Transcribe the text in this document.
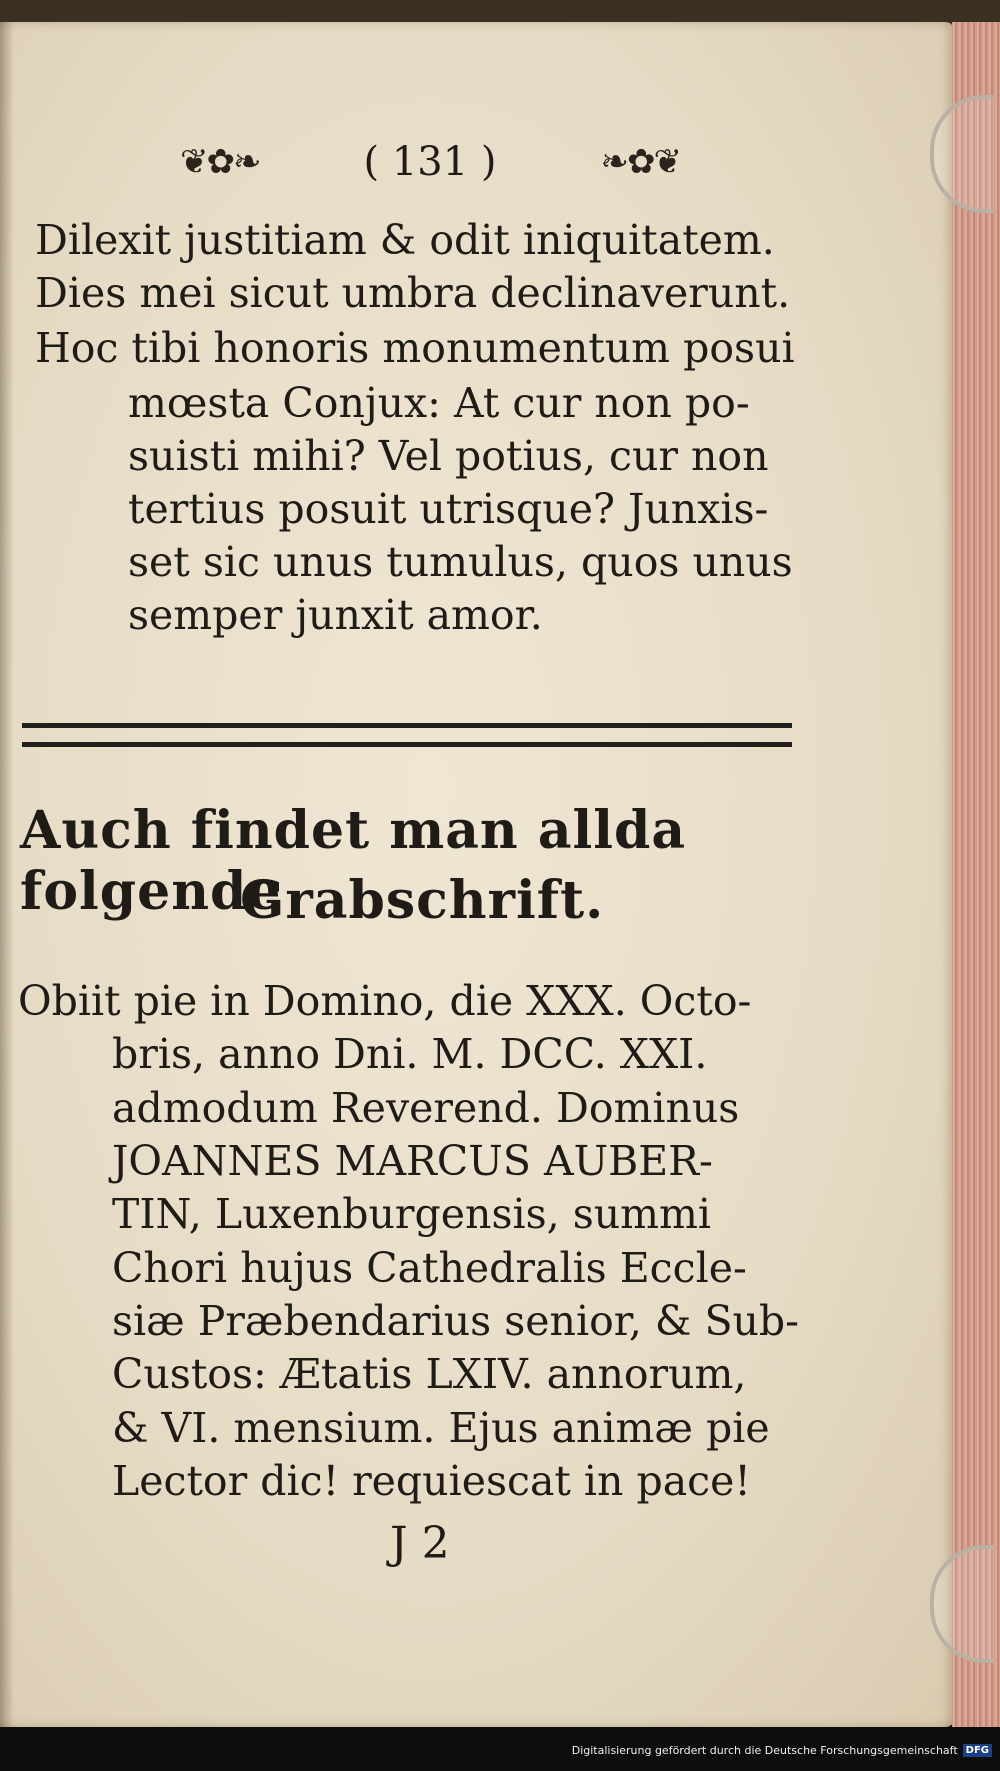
❦✿❧	( 131 )	❧✿❦
Dilexit justitiam & odit iniquitatem.
Dies mei sicut umbra declinaverunt.
Hoc tibi honoris monumentum posui
mœsta Conjux: At cur non po-
suisti mihi? Vel potius, cur non
tertius posuit utrisque? Junxis-
set sic unus tumulus, quos unus
semper junxit amor.
Auch findet man allda folgende
Grabschrift.
Obiit pie in Domino, die XXX. Octo-
bris, anno Dni. M. DCC. XXI.
admodum Reverend. Dominus
JOANNES MARCUS AUBER-
TIN, Luxenburgensis, summi
Chori hujus Cathedralis Eccle-
siæ Præbendarius senior, & Sub-
Custos: Ætatis LXIV. annorum,
& VI. mensium. Ejus animæ pie
Lector dic! requiescat in pace!
J 2
Digitalisierung gefördert durch die Deutsche Forschungsgemeinschaft DFG
